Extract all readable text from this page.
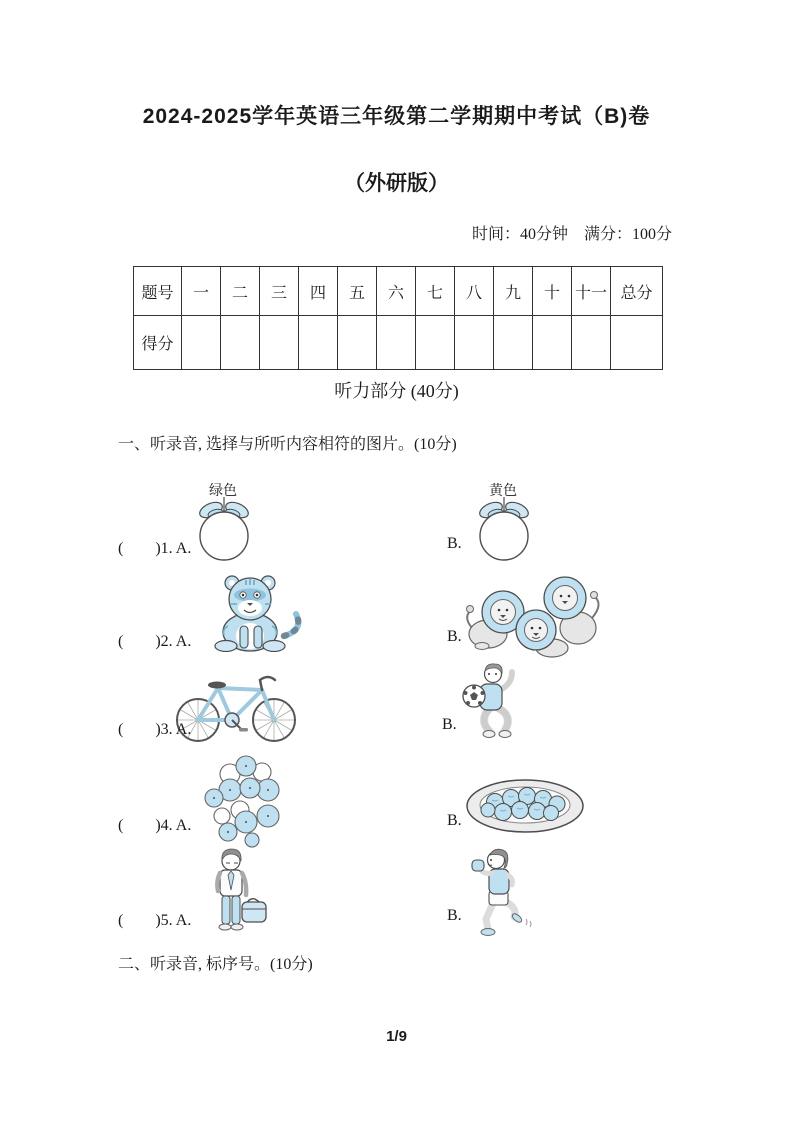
2024-2025学年英语三年级第二学期期中考试（B)卷
（外研版）
时间：40分钟　满分：100分
题号	一	二	三	四	五	六	七	八	九	十	十一	总分
得分												
听力部分 (40分)
一、听录音, 选择与所听内容相符的图片。(10分)
绿色
(　　)1. A.	B.
黄色
(　　)2. A.	B.
(　　)3. A.	B.
(　　)4. A.	B.
(　　)5. A.	B.
二、听录音, 标序号。(10分)
1/9
